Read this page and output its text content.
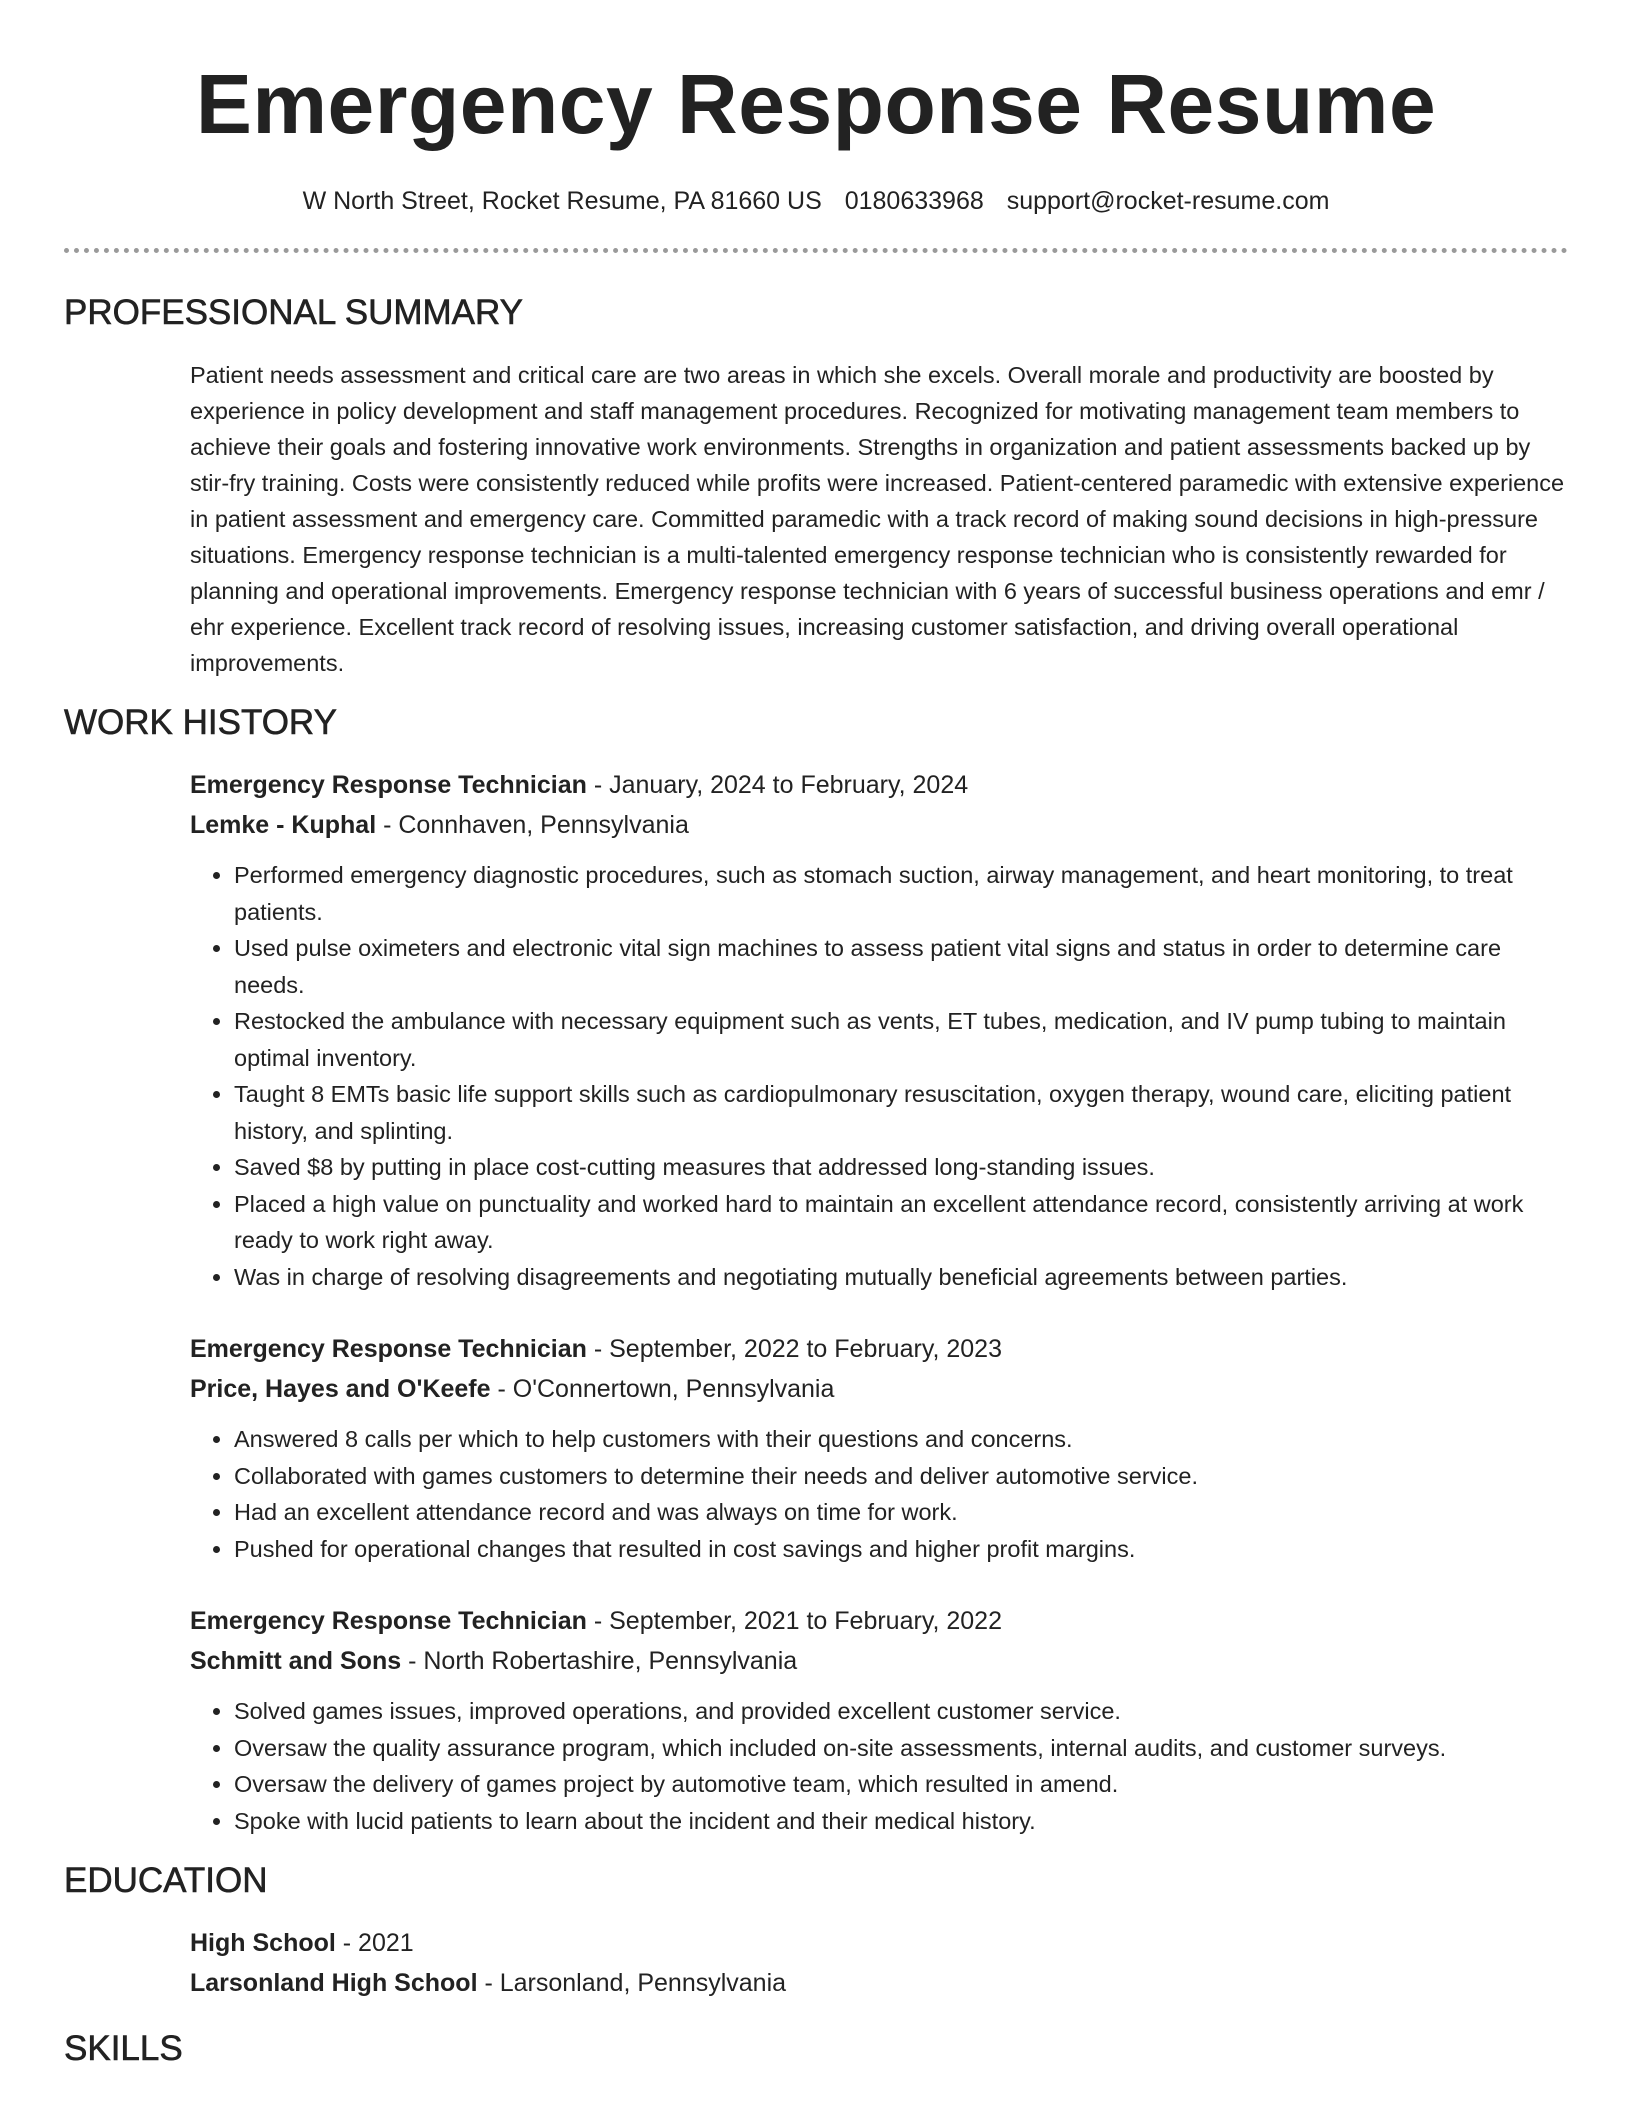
Emergency Response Resume
W North Street, Rocket Resume, PA 81660 US 0180633968 support@rocket-resume.com
PROFESSIONAL SUMMARY

Patient needs assessment and critical care are two areas in which she excels. Overall morale and productivity are boosted by experience in policy development and staff management procedures. Recognized for motivating management team members to achieve their goals and fostering innovative work environments. Strengths in organization and patient assessments backed up by stir-fry training. Costs were consistently reduced while profits were increased. Patient-centered paramedic with extensive experience in patient assessment and emergency care. Committed paramedic with a track record of making sound decisions in high-pressure situations. Emergency response technician is a multi-talented emergency response technician who is consistently rewarded for planning and operational improvements. Emergency response technician with 6 years of successful business operations and emr / ehr experience. Excellent track record of resolving issues, increasing customer satisfaction, and driving overall operational improvements.

WORK HISTORY
Emergency Response Technician - January, 2024 to February, 2024
Lemke - Kuphal - Connhaven, Pennsylvania
• Performed emergency diagnostic procedures, such as stomach suction, airway management, and heart monitoring, to treat patients.
• Used pulse oximeters and electronic vital sign machines to assess patient vital signs and status in order to determine care needs.
• Restocked the ambulance with necessary equipment such as vents, ET tubes, medication, and IV pump tubing to maintain optimal inventory.
• Taught 8 EMTs basic life support skills such as cardiopulmonary resuscitation, oxygen therapy, wound care, eliciting patient history, and splinting.
• Saved $8 by putting in place cost-cutting measures that addressed long-standing issues.
• Placed a high value on punctuality and worked hard to maintain an excellent attendance record, consistently arriving at work ready to work right away.
• Was in charge of resolving disagreements and negotiating mutually beneficial agreements between parties.
Emergency Response Technician - September, 2022 to February, 2023
Price, Hayes and O'Keefe - O'Connertown, Pennsylvania
• Answered 8 calls per which to help customers with their questions and concerns.
• Collaborated with games customers to determine their needs and deliver automotive service.
• Had an excellent attendance record and was always on time for work.
• Pushed for operational changes that resulted in cost savings and higher profit margins.
Emergency Response Technician - September, 2021 to February, 2022
Schmitt and Sons - North Robertashire, Pennsylvania
• Solved games issues, improved operations, and provided excellent customer service.
• Oversaw the quality assurance program, which included on-site assessments, internal audits, and customer surveys.
• Oversaw the delivery of games project by automotive team, which resulted in amend.
• Spoke with lucid patients to learn about the incident and their medical history.
EDUCATION
High School - 2021
Larsonland High School - Larsonland, Pennsylvania
SKILLS
